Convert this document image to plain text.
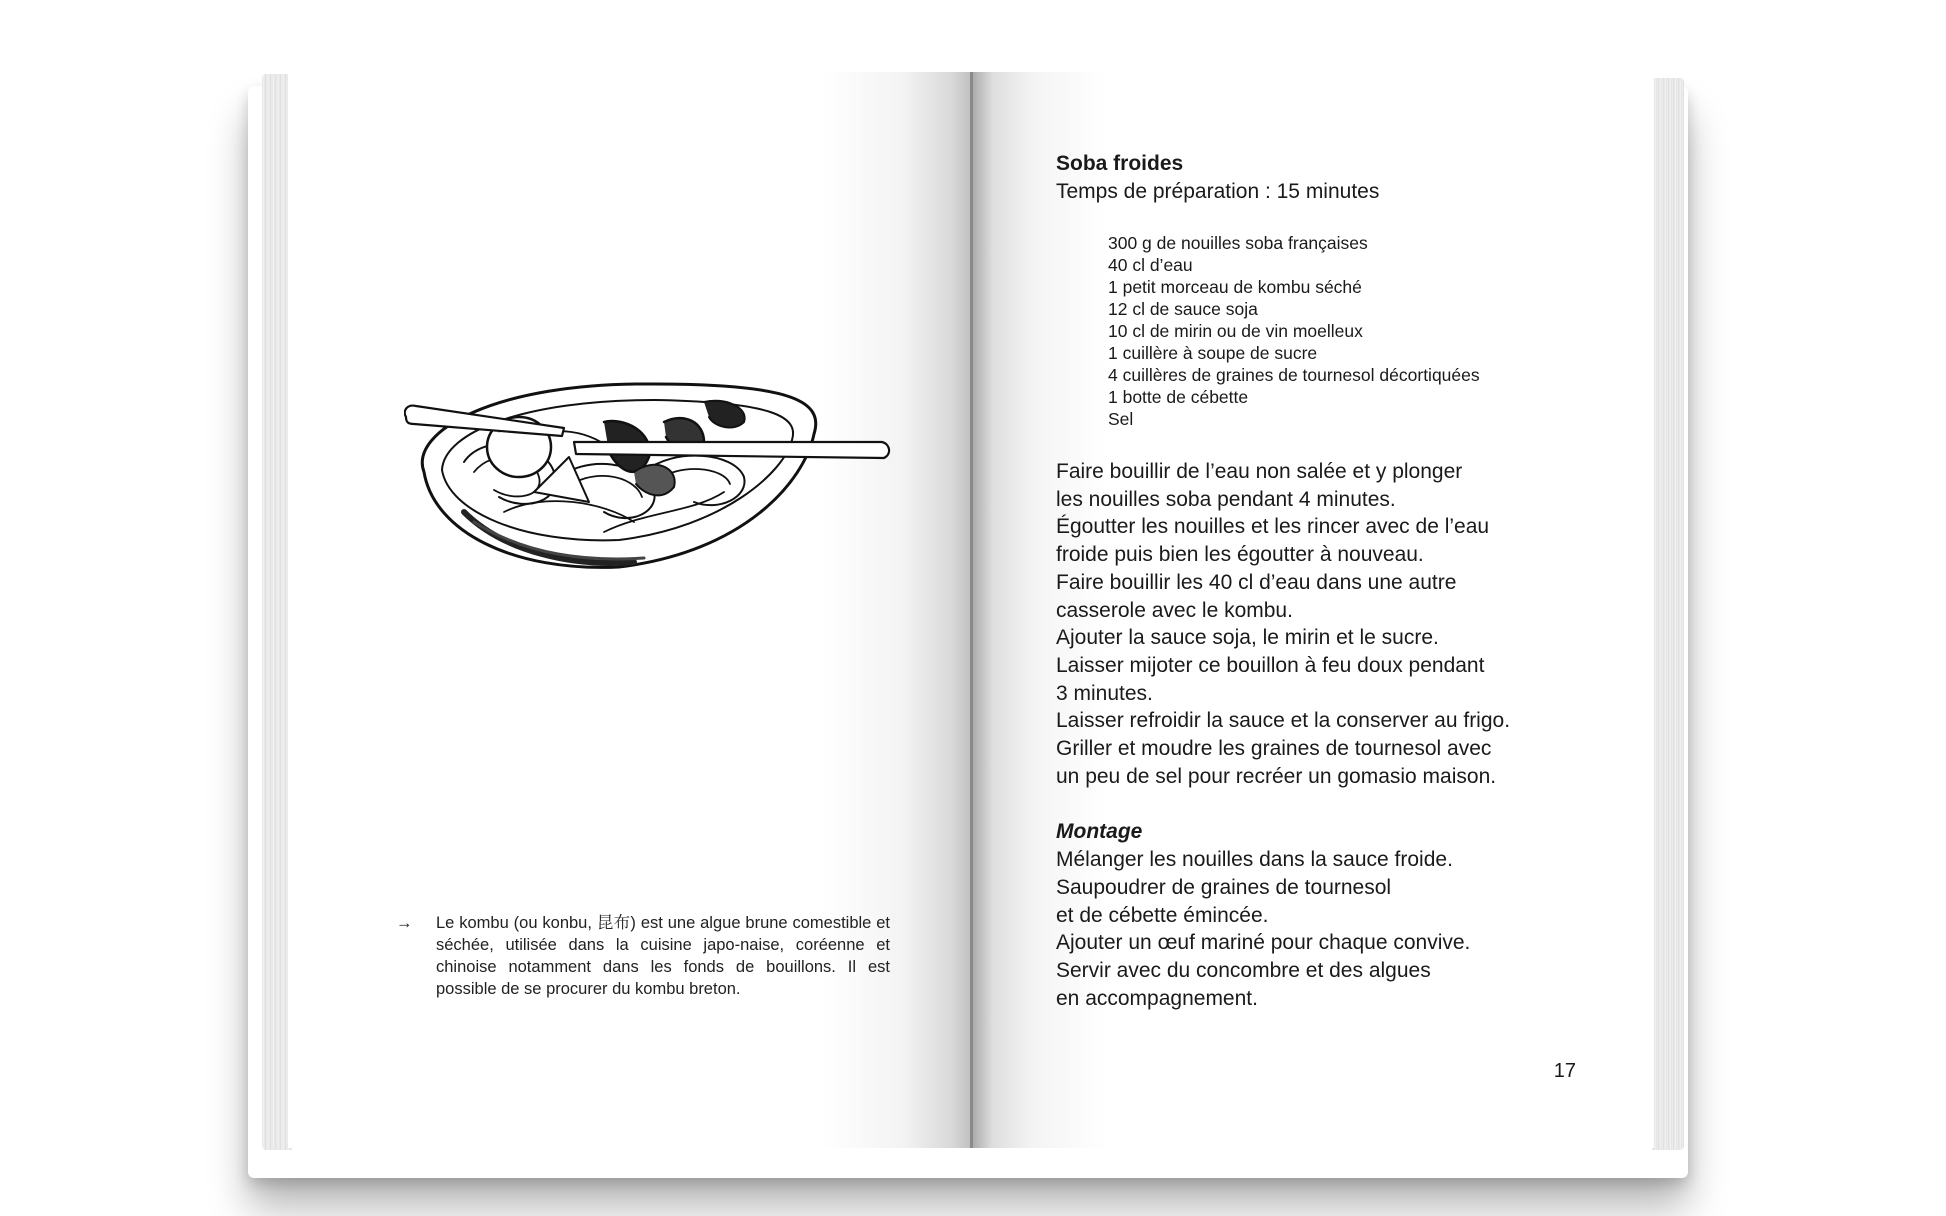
→ Le kombu (ou konbu, 昆布) est une algue brune comestible et séchée, utilisée dans la cuisine japo-naise, coréenne et chinoise notamment dans les fonds de bouillons. Il est possible de se procurer du kombu breton.
Soba froides
Temps de préparation : 15 minutes
300 g de nouilles soba françaises
40 cl d’eau
1 petit morceau de kombu séché
12 cl de sauce soja
10 cl de mirin ou de vin moelleux
1 cuillère à soupe de sucre
4 cuillères de graines de tournesol décortiquées
1 botte de cébette
Sel
Faire bouillir de l’eau non salée et y plonger
les nouilles soba pendant 4 minutes.
Égoutter les nouilles et les rincer avec de l’eau
froide puis bien les égoutter à nouveau.
Faire bouillir les 40 cl d’eau dans une autre
casserole avec le kombu.
Ajouter la sauce soja, le mirin et le sucre.
Laisser mijoter ce bouillon à feu doux pendant
3 minutes.
Laisser refroidir la sauce et la conserver au frigo.
Griller et moudre les graines de tournesol avec
un peu de sel pour recréer un gomasio maison.
Montage
Mélanger les nouilles dans la sauce froide.
Saupoudrer de graines de tournesol
et de cébette émincée.
Ajouter un œuf mariné pour chaque convive.
Servir avec du concombre et des algues
en accompagnement.
17
